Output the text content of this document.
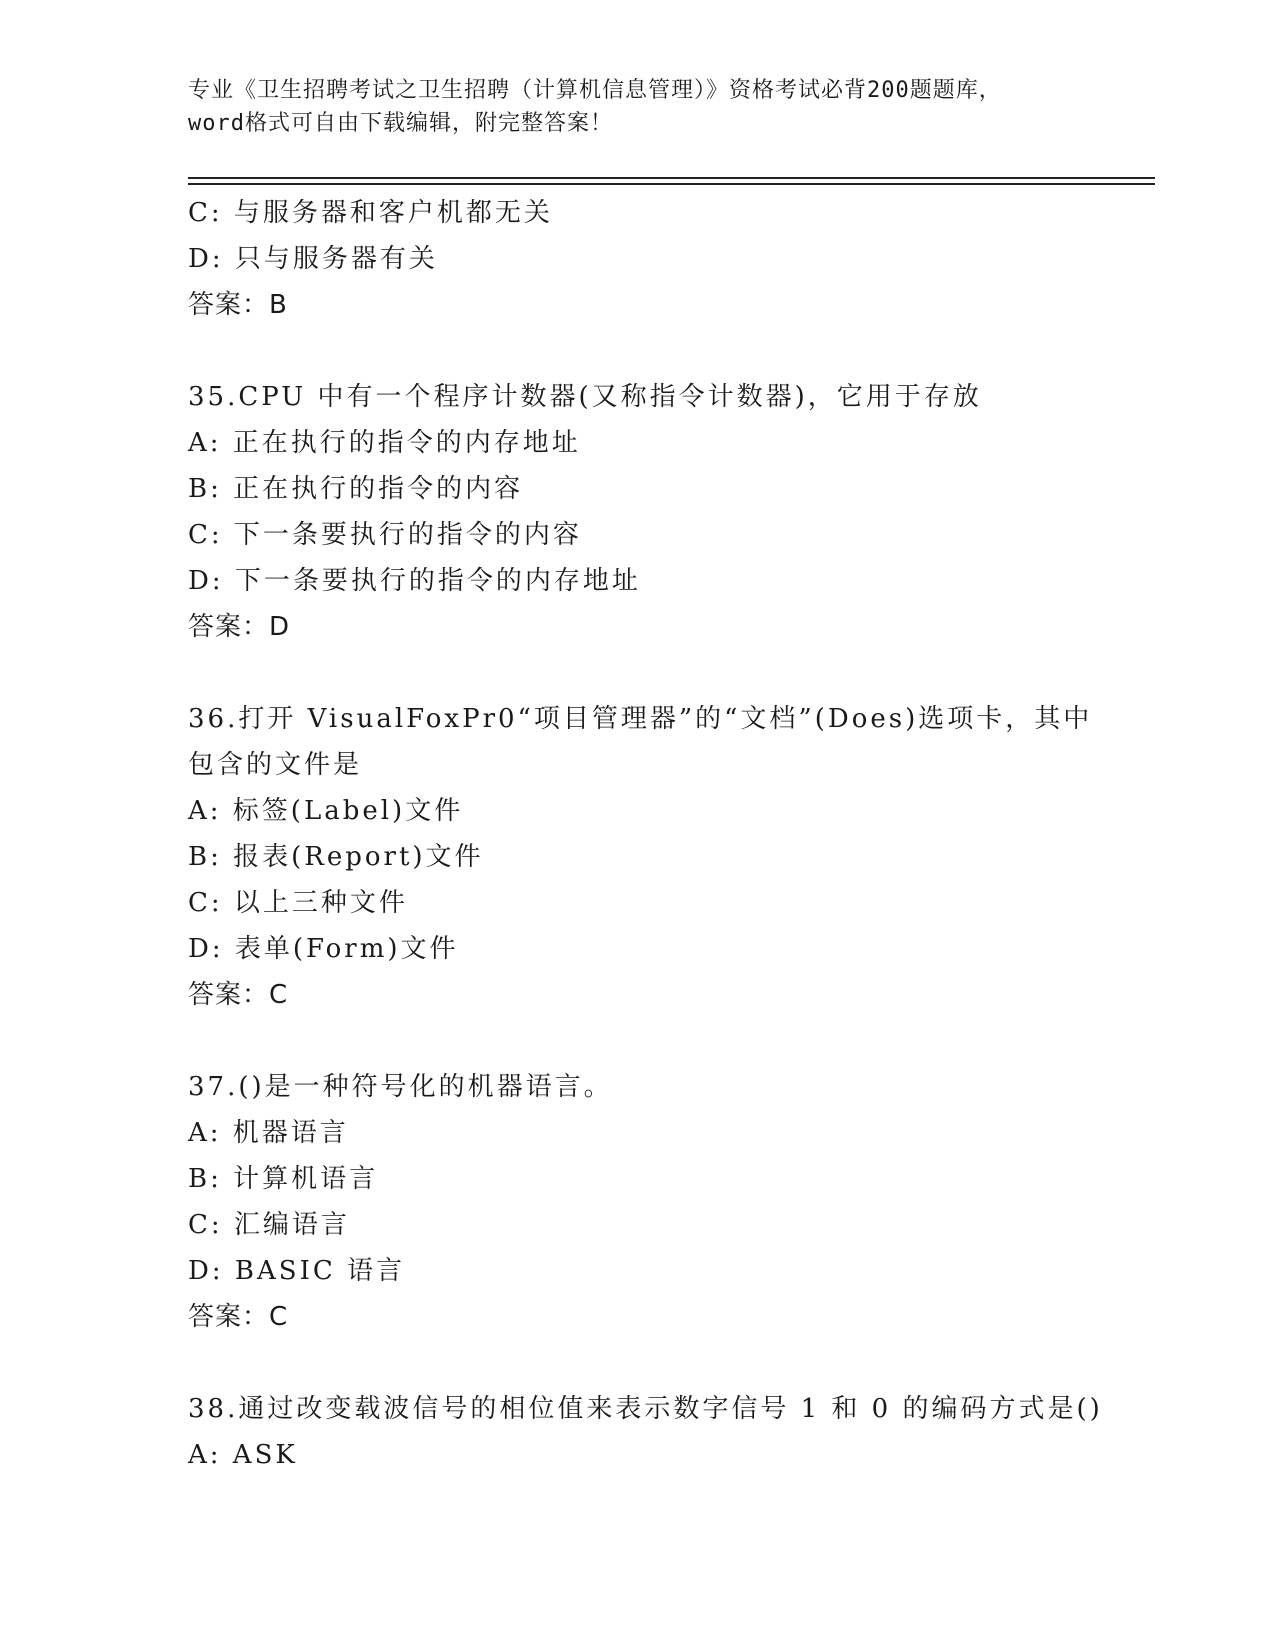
专业《卫生招聘考试之卫生招聘（计算机信息管理）》资格考试必背200题题库，
word格式可自由下载编辑，附完整答案！
C: 与服务器和客户机都无关
D: 只与服务器有关
答案：B
35.CPU 中有一个程序计数器(又称指令计数器)，它用于存放
A: 正在执行的指令的内存地址
B: 正在执行的指令的内容
C: 下一条要执行的指令的内容
D: 下一条要执行的指令的内存地址
答案：D
36.打开 VisualFoxPr0“项目管理器”的“文档”(Does)选项卡，其中
包含的文件是
A: 标签(Label)文件
B: 报表(Report)文件
C: 以上三种文件
D: 表单(Form)文件
答案：C
37.()是一种符号化的机器语言。
A: 机器语言
B: 计算机语言
C: 汇编语言
D: BASIC 语言
答案：C
38.通过改变载波信号的相位值来表示数字信号 1 和 0 的编码方式是()
A: ASK
